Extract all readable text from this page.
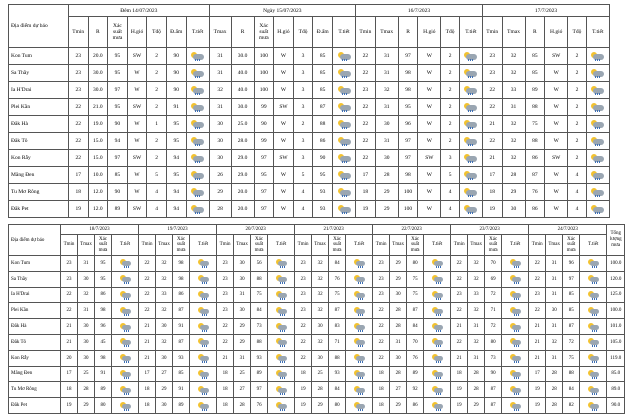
Địa điểm dự báo	Đêm 14/07/2023							Ngày 15/07/2023							16/7/2023						17/7/2023					
	Tmin	R	Xác suất mưa	H.gió	Tđộ	Đ.ẩm	T.tiết	Tmax	R	Xác suất mưa	H.gió	Tđộ	Đ.ẩm	T.tiết	Tmin	Tmax	R	H.gió	Tđộ	T.tiết	Tmin	Tmax	R	H.gió	Tđộ	T.tiết
Kon Tum	23	20.0	95	SW	2	90		31	30.0	100	W	3	85		22	31	97	W	2		23	32	85	SW	2	

Sa Thầy	23	30.0	95	W	2	90		31	40.0	100	W	3	85		22	31	98	W	2		23	32	85	W	2	

Ia H'Drai	23	30.0	97	W	2	90		32	40.0	100	W	3	85		23	32	98	W	2		22	33	89	W	2	

Plei Kần	22	21.0	95	SW	2	91		31	30.0	99	SW	3	87		22	31	95	W	2		22	31	88	W	2	

Đăk Hà	22	19.0	90	W	1	95		30	25.0	90	W	2	88		22	30	96	W	2		21	32	75	W	2	

Đăk Tô	22	15.0	94	W	2	95		30	28.0	99	W	3	86		22	31	97	W	2		22	32	88	W	2	

Kon Rẫy	22	15.0	97	SW	2	94		30	29.0	97	SW	3	90		22	30	97	SW	3		21	32	86	SW	2	

Măng Đen	17	10.0	85	W	5	95		26	29.0	95	W	5	95		17	28	98	W	5		17	28	87	W	4	

Tu Mơ Rông	18	12.0	90	W	4	94		29	20.0	97	W	4	93		18	29	100	W	4		18	29	76	W	4	

Đăk Pet	19	12.0	89	SW	4	94		28	20.0	97	W	4	93		19	29	100	W	4		19	30	86	W	4	
Địa điểm dự báo	18/7/2023				19/7/2023				20/7/2023				21/7/2023				22/7/2023				23/7/2023				24/7/2023				Tổng lượng mưa
	Tmin	Tmax	Xác suất mưa	T.tiết	Tmin	Tmax	Xác suất mưa	T.tiết	Tmin	Tmax	Xác suất mưa	T.tiết	Tmin	Tmax	Xác suất mưa	T.tiết	Tmin	Tmax	Xác suất mưa	T.tiết	Tmin	Tmax	Xác suất mưa	T.tiết	Tmin	Tmax	Xác suất mưa	T.tiết	
Kon Tum	23	31	95		22	32	98		23	30	56		23	32	84		23	29	80		22	32	70		22	31	96		100.0
Sa Thầy	23	30	95		22	32	98		23	30	88		23	32	76		23	29	75		22	32	69		22	31	97		120.0
Ia H'Drai	22	32	86		22	33	86		23	31	75		23	32	75		23	30	75		23	33	72		23	31	85		125.0
Plei Kần	22	31	98		22	32	87		23	30	84		23	32	87		22	28	87		22	32	71		22	30	85		100.0
Đăk Hà	21	30	96		21	30	91		22	29	73		22	30	83		22	28	84		21	31	72		21	31	87		101.0
Đăk Tô	21	30	45		21	32	87		22	29	88		22	32	71		22	31	70		22	32	80		21	32	72		105.0
Kon Rẫy	20	30	98		21	30	93		21	31	93		22	30	88		22	30	76		21	31	73		21	31	75		119.0
Măng Đen	17	25	91		17	27	85		18	25	89		18	25	93		18	28	89		18	28	90		17	28	88		85.0
Tu Mơ Rông	18	28	89		18	29	91		18	27	97		19	28	84		18	27	92		19	28	87		19	28	84		89.0
Đăk Pet	19	29	80		18	30	89		18	28	76		19	29	80		18	29	86		19	29	87		19	28	82		90.0
